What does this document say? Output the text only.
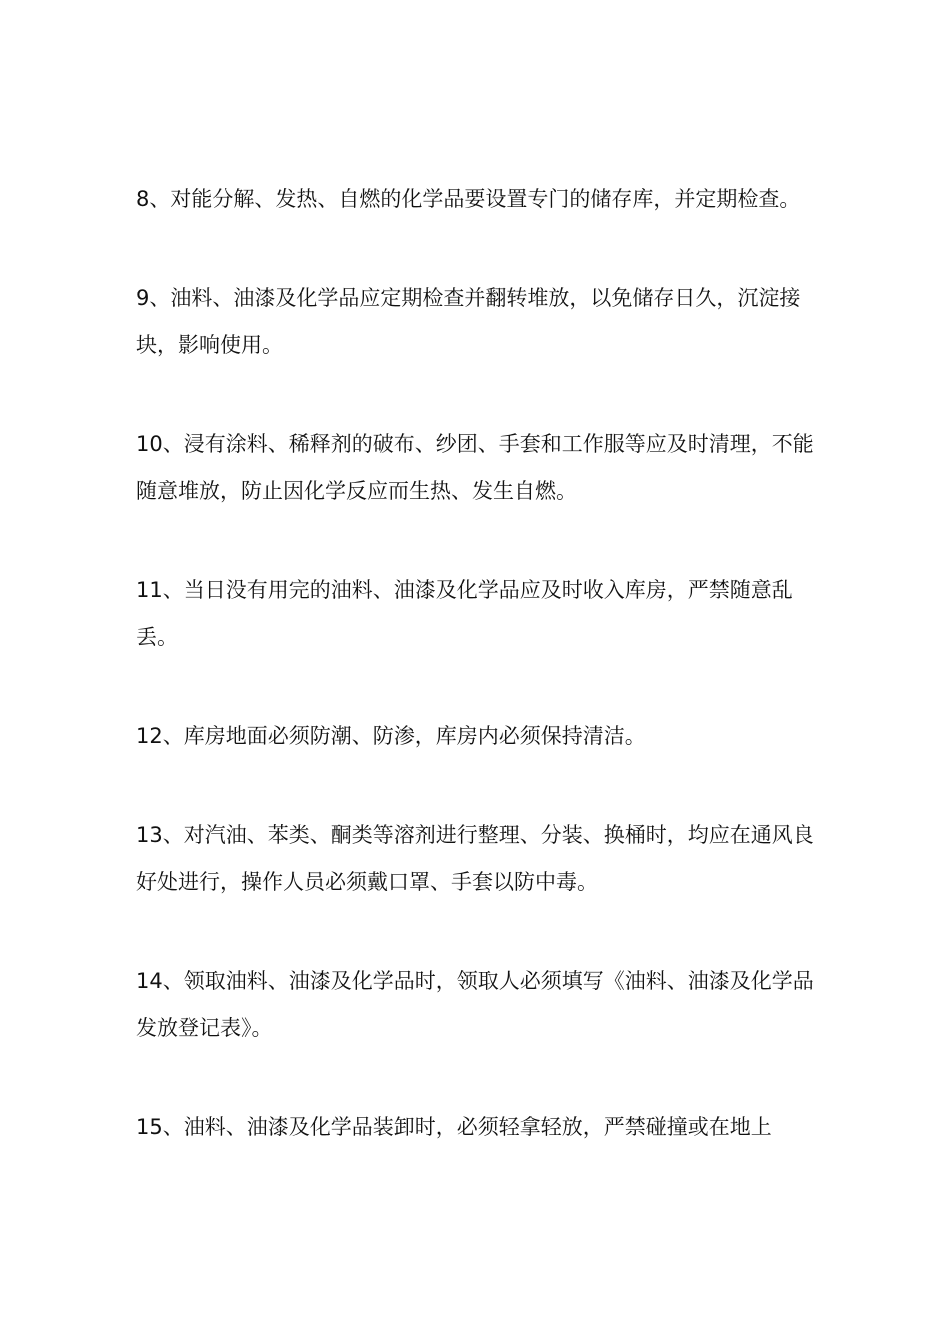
8、对能分解、发热、自燃的化学品要设置专门的储存库，并定期检查。

9、油料、油漆及化学品应定期检查并翻转堆放，以免储存日久，沉淀接块，影响使用。

10、浸有涂料、稀释剂的破布、纱团、手套和工作服等应及时清理，不能随意堆放，防止因化学反应而生热、发生自燃。

11、当日没有用完的油料、油漆及化学品应及时收入库房，严禁随意乱丢。

12、库房地面必须防潮、防渗，库房内必须保持清洁。

13、对汽油、苯类、酮类等溶剂进行整理、分装、换桶时，均应在通风良好处进行，操作人员必须戴口罩、手套以防中毒。

14、领取油料、油漆及化学品时，领取人必须填写《油料、油漆及化学品发放登记表》。

15、油料、油漆及化学品装卸时，必须轻拿轻放，严禁碰撞或在地上
